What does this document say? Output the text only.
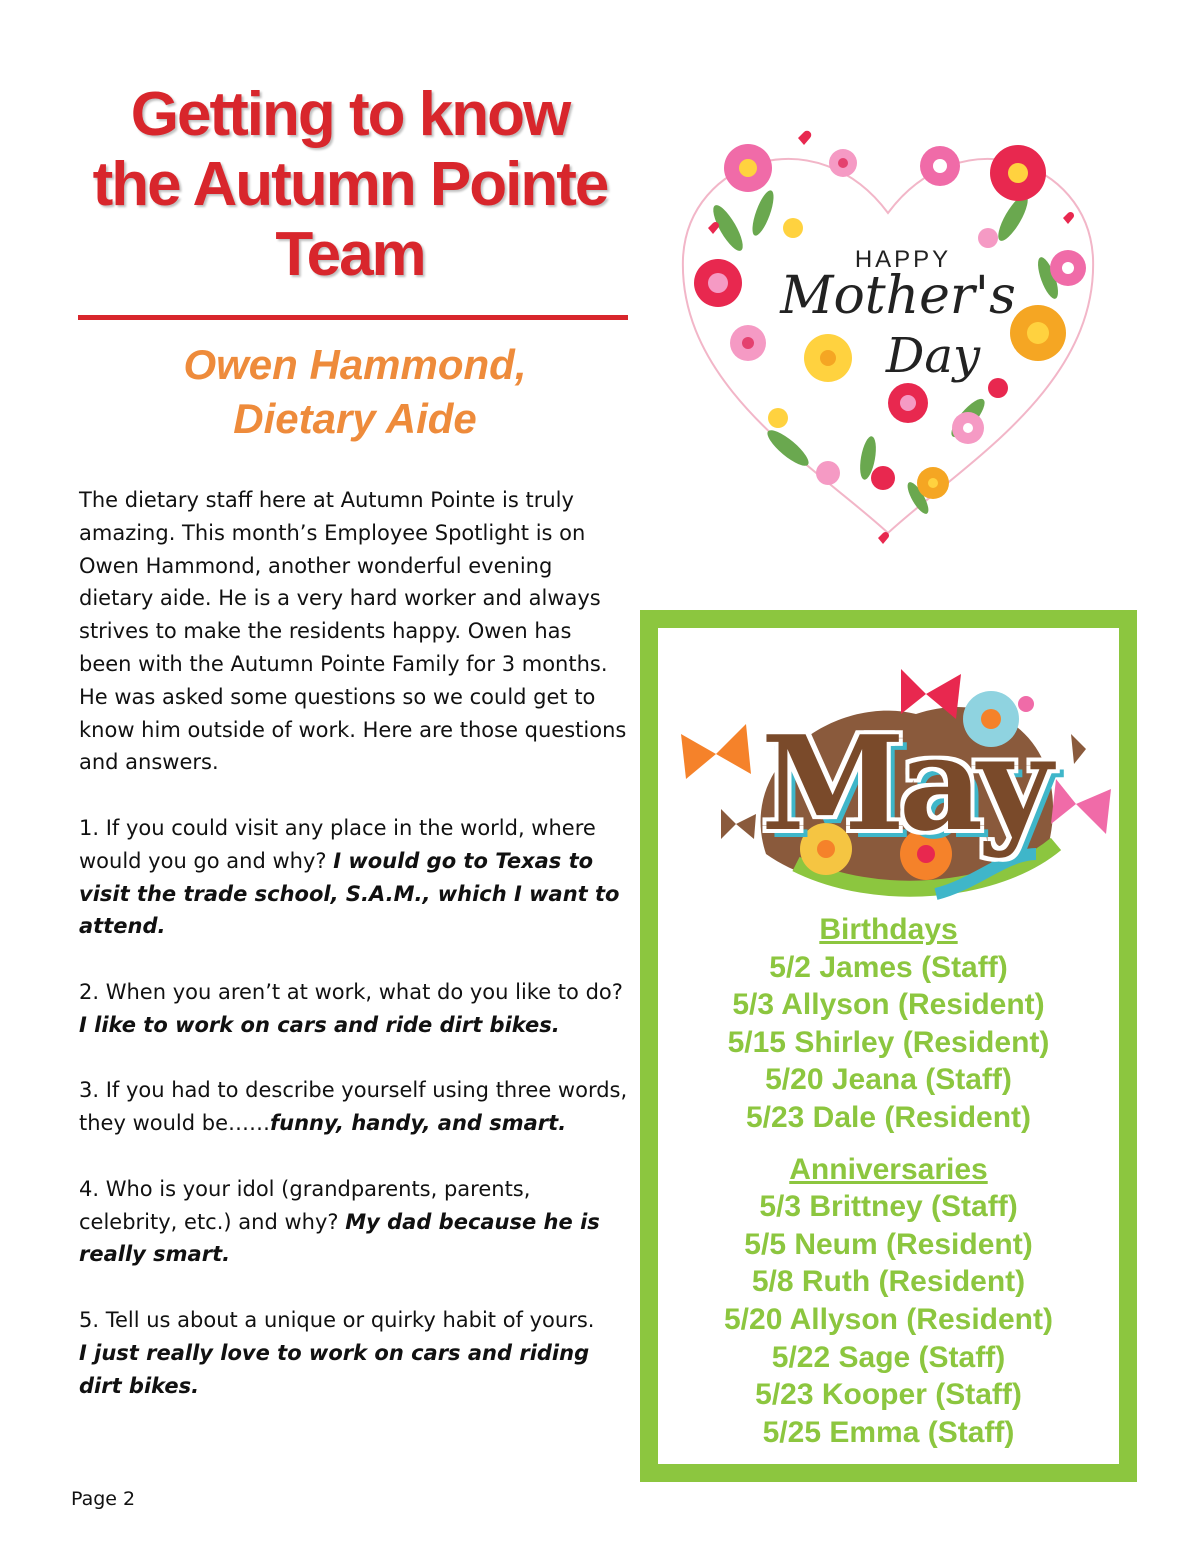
Getting to know
the Autumn Pointe
Team
Owen Hammond,
Dietary Aide

The dietary staff here at Autumn Pointe is truly amazing. This month’s Employee Spotlight is on Owen Hammond, another wonderful evening dietary aide. He is a very hard worker and always strives to make the residents happy. Owen has been with the Autumn Pointe Family for 3 months. He was asked some questions so we could get to know him outside of work. Here are those questions and answers.

1. If you could visit any place in the world, where would you go and why? I would go to Texas to visit the trade school, S.A.M., which I want to attend.

2. When you aren’t at work, what do you like to do? I like to work on cars and ride dirt bikes.

3. If you had to describe yourself using three words, they would be……funny, handy, and smart.

4. Who is your idol (grandparents, parents, celebrity, etc.) and why? My dad because he is really smart.

5. Tell us about a unique or quirky habit of yours.
I just really love to work on cars and riding dirt bikes.

Page 2
HAPPY
Mother's
Day
May
Birthdays
5/2 James (Staff)
5/3 Allyson (Resident)
5/15 Shirley (Resident)
5/20 Jeana (Staff)
5/23 Dale (Resident)
Anniversaries
5/3 Brittney (Staff)
5/5 Neum (Resident)
5/8 Ruth (Resident)
5/20 Allyson (Resident)
5/22 Sage (Staff)
5/23 Kooper (Staff)
5/25 Emma (Staff)
